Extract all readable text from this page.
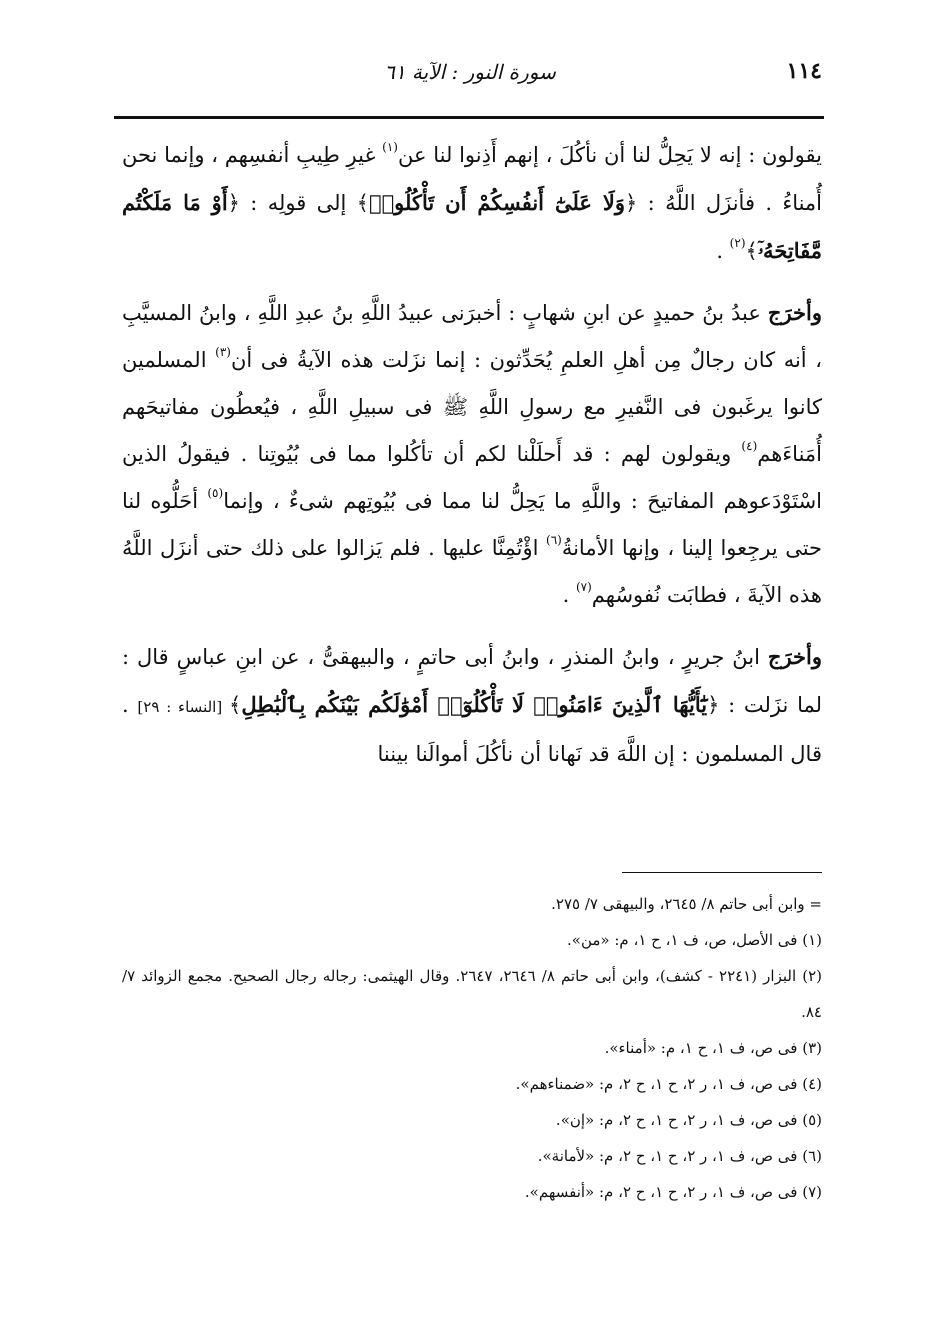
١١٤
سورة النور : الآية ٦١

يقولون : إنه لا يَحِلُّ لنا أن نأكُلَ ، إنهم أَذِنوا لنا عن$^{(١)}$ غيرِ طِيبِ أنفسِهم ، وإنما نحن أُمناءُ . فأنزَل اللَّهُ : ﴿وَلَا عَلَىٰٓ أَنفُسِكُمْ أَن تَأْكُلُوا۟﴾ إلى قولِه : ﴿أَوْ مَا مَلَكْتُم مَّفَاتِحَهُۥٓ﴾$^{(٢)}$ .

وأخرَج عبدُ بنُ حميدٍ عن ابنِ شهابٍ : أخبرَنى عبيدُ اللَّهِ بنُ عبدِ اللَّهِ ، وابنُ المسيَّبِ ، أنه كان رجالٌ مِن أهلِ العلمِ يُحَدِّثون : إنما نزَلت هذه الآيةُ فى أن$^{(٣)}$ المسلمين كانوا يرغَبون فى النَّفيرِ مع رسولِ اللَّهِ ﷺ فى سبيلِ اللَّهِ ، فيُعطُون مفاتيحَهم أُمَناءَهم$^{(٤)}$ ويقولون لهم : قد أَحلَلْنا لكم أن تأكُلوا مما فى بُيُوتِنا . فيقولُ الذين اسْتَوْدَعوهم المفاتيحَ : واللَّهِ ما يَحِلُّ لنا مما فى بُيُوتِهم شىءٌ ، وإنما$^{(٥)}$ أحَلُّوه لنا حتى يرجِعوا إلينا ، وإنها الأمانةُ$^{(٦)}$ اؤْتُمِنَّا عليها . فلم يَزالوا على ذلك حتى أنزَل اللَّهُ هذه الآيةَ ، فطابَت نُفوسُهم$^{(٧)}$ .

وأخرَج ابنُ جريرٍ ، وابنُ المنذرِ ، وابنُ أبى حاتمٍ ، والبيهقىُّ ، عن ابنِ عباسٍ قال : لما نزَلت : ﴿يَٰٓأَيُّهَا ٱلَّذِينَ ءَامَنُوا۟ لَا تَأْكُلُوٓا۟ أَمْوَٰلَكُم بَيْنَكُم بِٱلْبَٰطِلِ﴾ [النساء : ٢٩] . قال المسلمون : إن اللَّهَ قد نَهانا أن نأكُلَ أموالَنا بيننا

= وابن أبى حاتم ٨/ ٢٦٤٥، والبيهقى ٧/ ٢٧٥.

(١) فى الأصل، ص، ف ١، ح ١، م: «من».

(٢) البزار (٢٢٤١ - كشف)، وابن أبى حاتم ٨/ ٢٦٤٦، ٢٦٤٧. وقال الهيثمى: رجاله رجال الصحيح. مجمع الزوائد ٧/ ٨٤.

(٣) فى ص، ف ١، ح ١، م: «أمناء».

(٤) فى ص، ف ١، ر ٢، ح ١، ح ٢، م: «ضمناءهم».

(٥) فى ص، ف ١، ر ٢، ح ١، ح ٢، م: «إن».

(٦) فى ص، ف ١، ر ٢، ح ١، ح ٢، م: «لأمانة».

(٧) فى ص، ف ١، ر ٢، ح ١، ح ٢، م: «أنفسهم».
